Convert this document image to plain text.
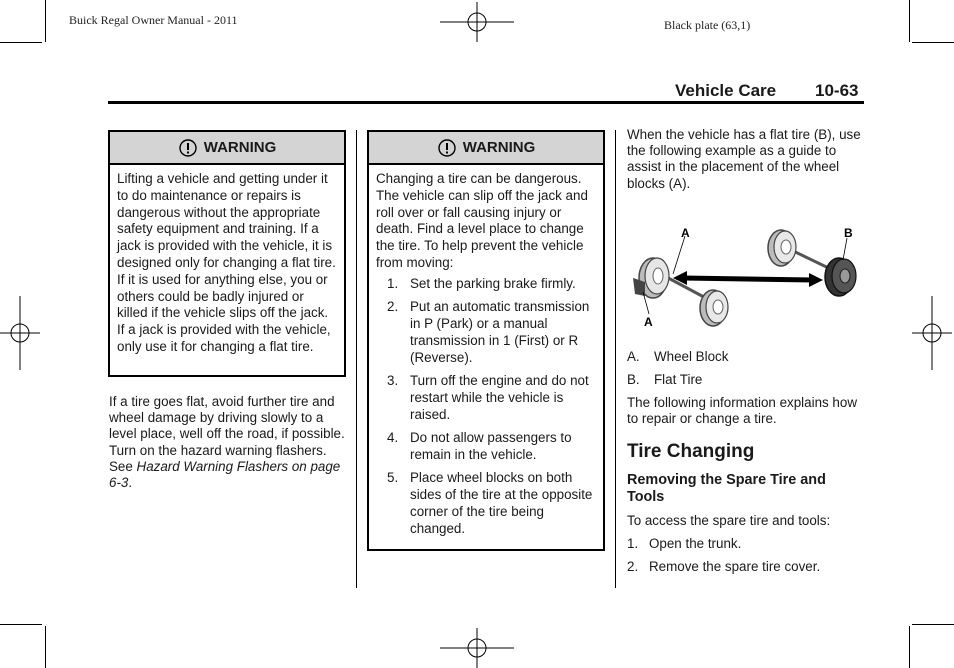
Buick Regal Owner Manual - 2011	Black plate (63,1)
Vehicle Care 10-63
WARNING

Lifting a vehicle and getting under it to do maintenance or repairs is dangerous without the appropriate safety equipment and training. If a jack is provided with the vehicle, it is designed only for changing a flat tire. If it is used for anything else, you or others could be badly injured or killed if the vehicle slips off the jack. If a jack is provided with the vehicle, only use it for changing a flat tire.

If a tire goes flat, avoid further tire and wheel damage by driving slowly to a level place, well off the road, if possible. Turn on the hazard warning flashers. See Hazard Warning Flashers on page 6-3.

WARNING

Changing a tire can be dangerous. The vehicle can slip off the jack and roll over or fall causing injury or death. Find a level place to change the tire. To help prevent the vehicle from moving:

1. Set the parking brake firmly.
2. Put an automatic transmission in P (Park) or a manual transmission in 1 (First) or R (Reverse).
3. Turn off the engine and do not restart while the vehicle is raised.
4. Do not allow passengers to remain in the vehicle.
5. Place wheel blocks on both sides of the tire at the opposite corner of the tire being changed.
When the vehicle has a flat tire (B), use the following example as a guide to assist in the placement of the wheel blocks (A).
A
A
B
A.	Wheel Block
B.	Flat Tire
The following information explains how to repair or change a tire.
Tire Changing
Removing the Spare Tire and Tools
To access the spare tire and tools:
1. Open the trunk.
2. Remove the spare tire cover.
